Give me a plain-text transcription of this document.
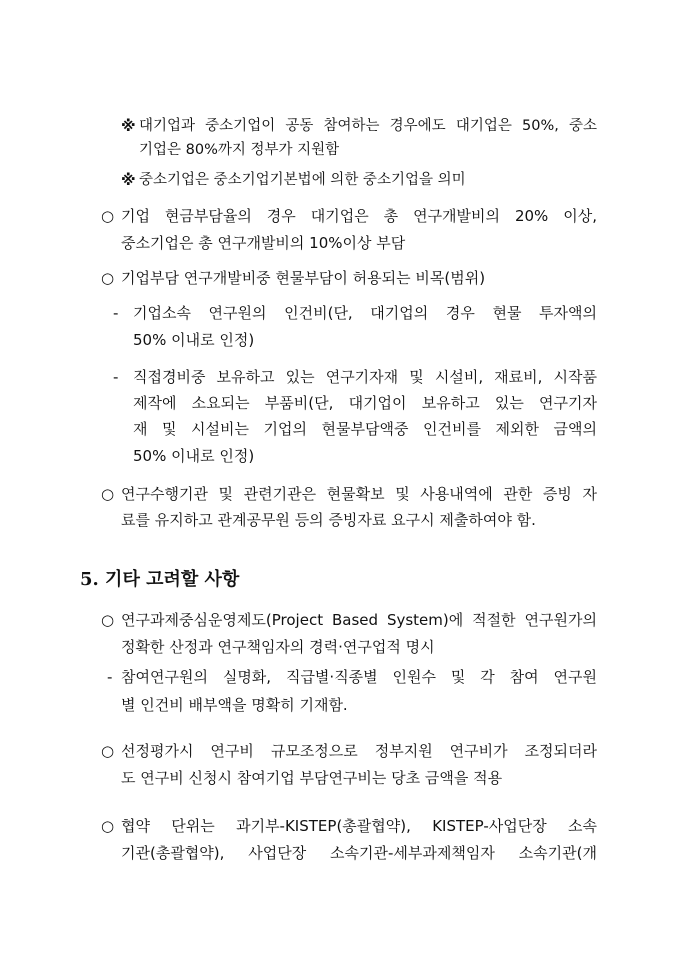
※ 대기업과 중소기업이 공동 참여하는 경우에도 대기업은 50%, 중소
기업은 80%까지 정부가 지원함
※ 중소기업은 중소기업기본법에 의한 중소기업을 의미
○ 기업 현금부담율의 경우 대기업은 총 연구개발비의 20% 이상,
중소기업은 총 연구개발비의 10%이상 부담
○ 기업부담 연구개발비중 현물부담이 허용되는 비목(범위)
- 기업소속 연구원의 인건비(단, 대기업의 경우 현물 투자액의
50% 이내로 인정)
- 직접경비중 보유하고 있는 연구기자재 및 시설비, 재료비, 시작품
제작에 소요되는 부품비(단, 대기업이 보유하고 있는 연구기자
재 및 시설비는 기업의 현물부담액중 인건비를 제외한 금액의
50% 이내로 인정)
○ 연구수행기관 및 관련기관은 현물확보 및 사용내역에 관한 증빙 자
료를 유지하고 관계공무원 등의 증빙자료 요구시 제출하여야 함.
5. 기타 고려할 사항
○ 연구과제중심운영제도(Project Based System)에 적절한 연구원가의
정확한 산정과 연구책임자의 경력·연구업적 명시
- 참여연구원의 실명화, 직급별·직종별 인원수 및 각 참여 연구원
별 인건비 배부액을 명확히 기재함.
○ 선정평가시 연구비 규모조정으로 정부지원 연구비가 조정되더라
도 연구비 신청시 참여기업 부담연구비는 당초 금액을 적용
○ 협약 단위는 과기부-KISTEP(총괄협약), KISTEP-사업단장 소속
기관(총괄협약), 사업단장 소속기관-세부과제책임자 소속기관(개
